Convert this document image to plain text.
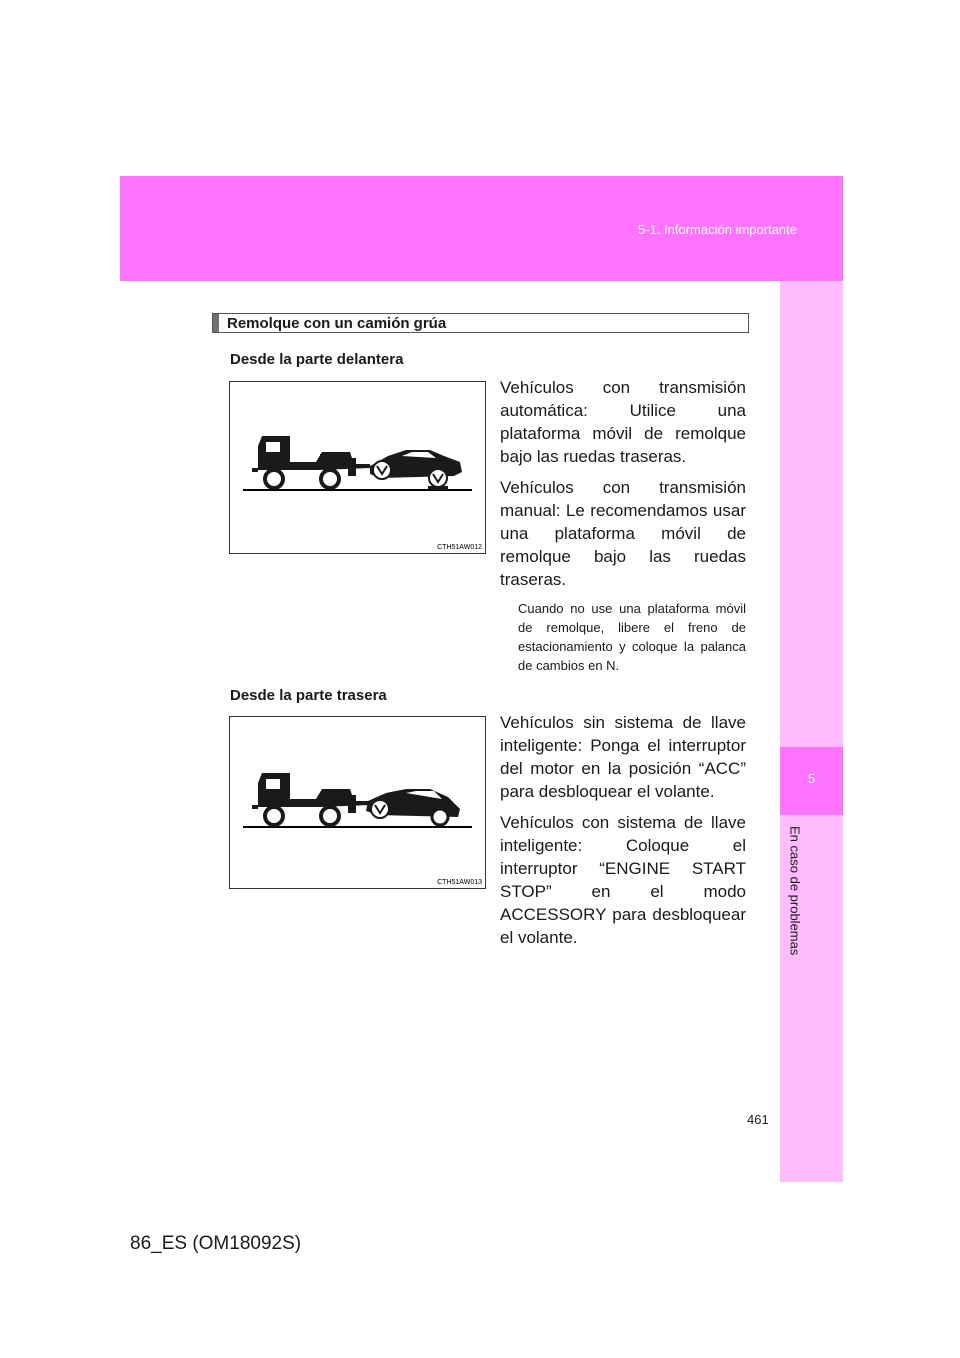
5-1. Información importante
5
En caso de problemas
Remolque con un camión grúa
Desde la parte delantera
CTH51AW012

Vehículos con transmisión automática: Utilice una plataforma móvil de remolque bajo las ruedas traseras.

Vehículos con transmisión manual: Le recomendamos usar una plataforma móvil de remolque bajo las ruedas traseras.

Cuando no use una plataforma móvil de remolque, libere el freno de estacionamiento y coloque la palanca de cambios en N.

Desde la parte trasera
CTH51AW013

Vehículos sin sistema de llave inteligente: Ponga el interruptor del motor en la posición “ACC” para desbloquear el volante.

Vehículos con sistema de llave inteligente: Coloque el interruptor “ENGINE START STOP” en el modo ACCESSORY para desbloquear el volante.

461
86_ES (OM18092S)
